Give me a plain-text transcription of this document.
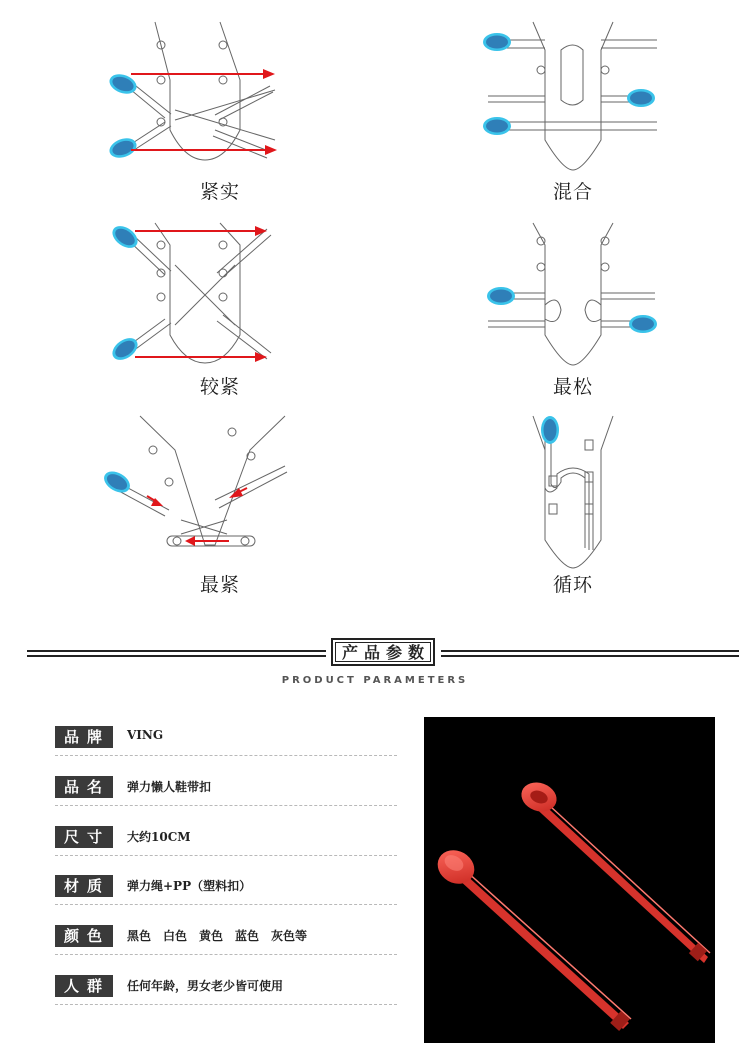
紧实	混合
较紧	最松
最紧	循环
产品参数
PRODUCT PARAMETERS
品牌 VING
品名 弹力懒人鞋带扣
尺寸 大约10CM
材质 弹力绳+PP（塑料扣）
颜色 黑色　白色　黄色　蓝色　灰色等
人群 任何年龄，男女老少皆可使用
